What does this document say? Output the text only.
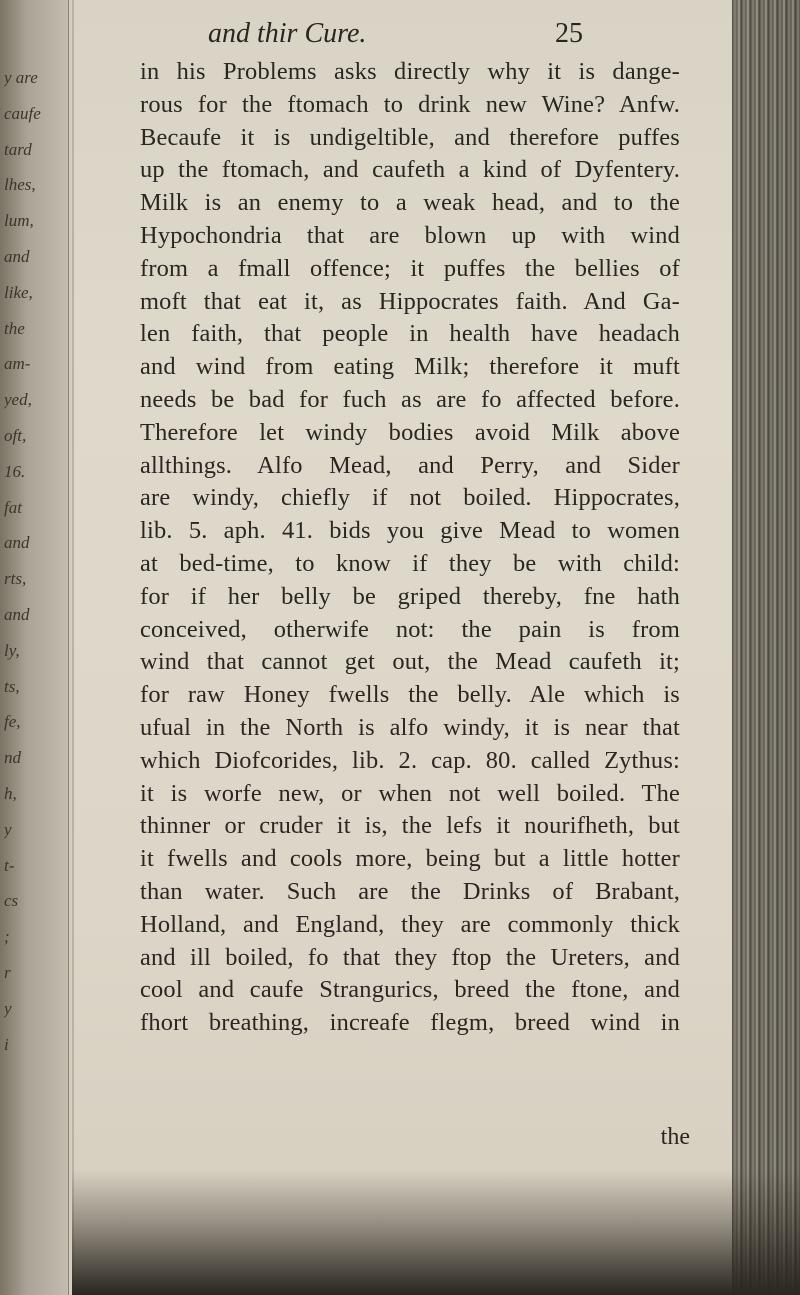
y are
caufe
tard
lhes,
lum,
and
like,
the
am-
yed,
oft,
16.
fat
and
rts,
and
ly,
ts,
fe,
nd
h,
y
t-
cs
;
r
y
i
and thir Cure.	25
in his Problems asks directly why it is dange-
rous for the ftomach to drink new Wine? Anfw.
Becaufe it is undigeltible, and therefore puffes
up the ftomach, and caufeth a kind of Dyfentery.
Milk is an enemy to a weak head, and to the
Hypochondria that are blown up with wind
from a fmall offence; it puffes the bellies of
moft that eat it, as Hippocrates faith. And Ga-
len faith, that people in health have headach
and wind from eating Milk; therefore it muft
needs be bad for fuch as are fo affected before.
Therefore let windy bodies avoid Milk above
allthings. Alfo Mead, and Perry, and Sider
are windy, chiefly if not boiled. Hippocrates,
lib. 5. aph. 41. bids you give Mead to women
at bed-time, to know if they be with child:
for if her belly be griped thereby, fne hath
conceived, otherwife not: the pain is from
wind that cannot get out, the Mead caufeth it;
for raw Honey fwells the belly. Ale which is
ufual in the North is alfo windy, it is near that
which Diofcorides, lib. 2. cap. 80. called Zythus:
it is worfe new, or when not well boiled. The
thinner or cruder it is, the lefs it nourifheth, but
it fwells and cools more, being but a little hotter
than water. Such are the Drinks of Brabant,
Holland, and England, they are commonly thick
and ill boiled, fo that they ftop the Ureters, and
cool and caufe Strangurics, breed the ftone, and
fhort breathing, increafe flegm, breed wind in
the
